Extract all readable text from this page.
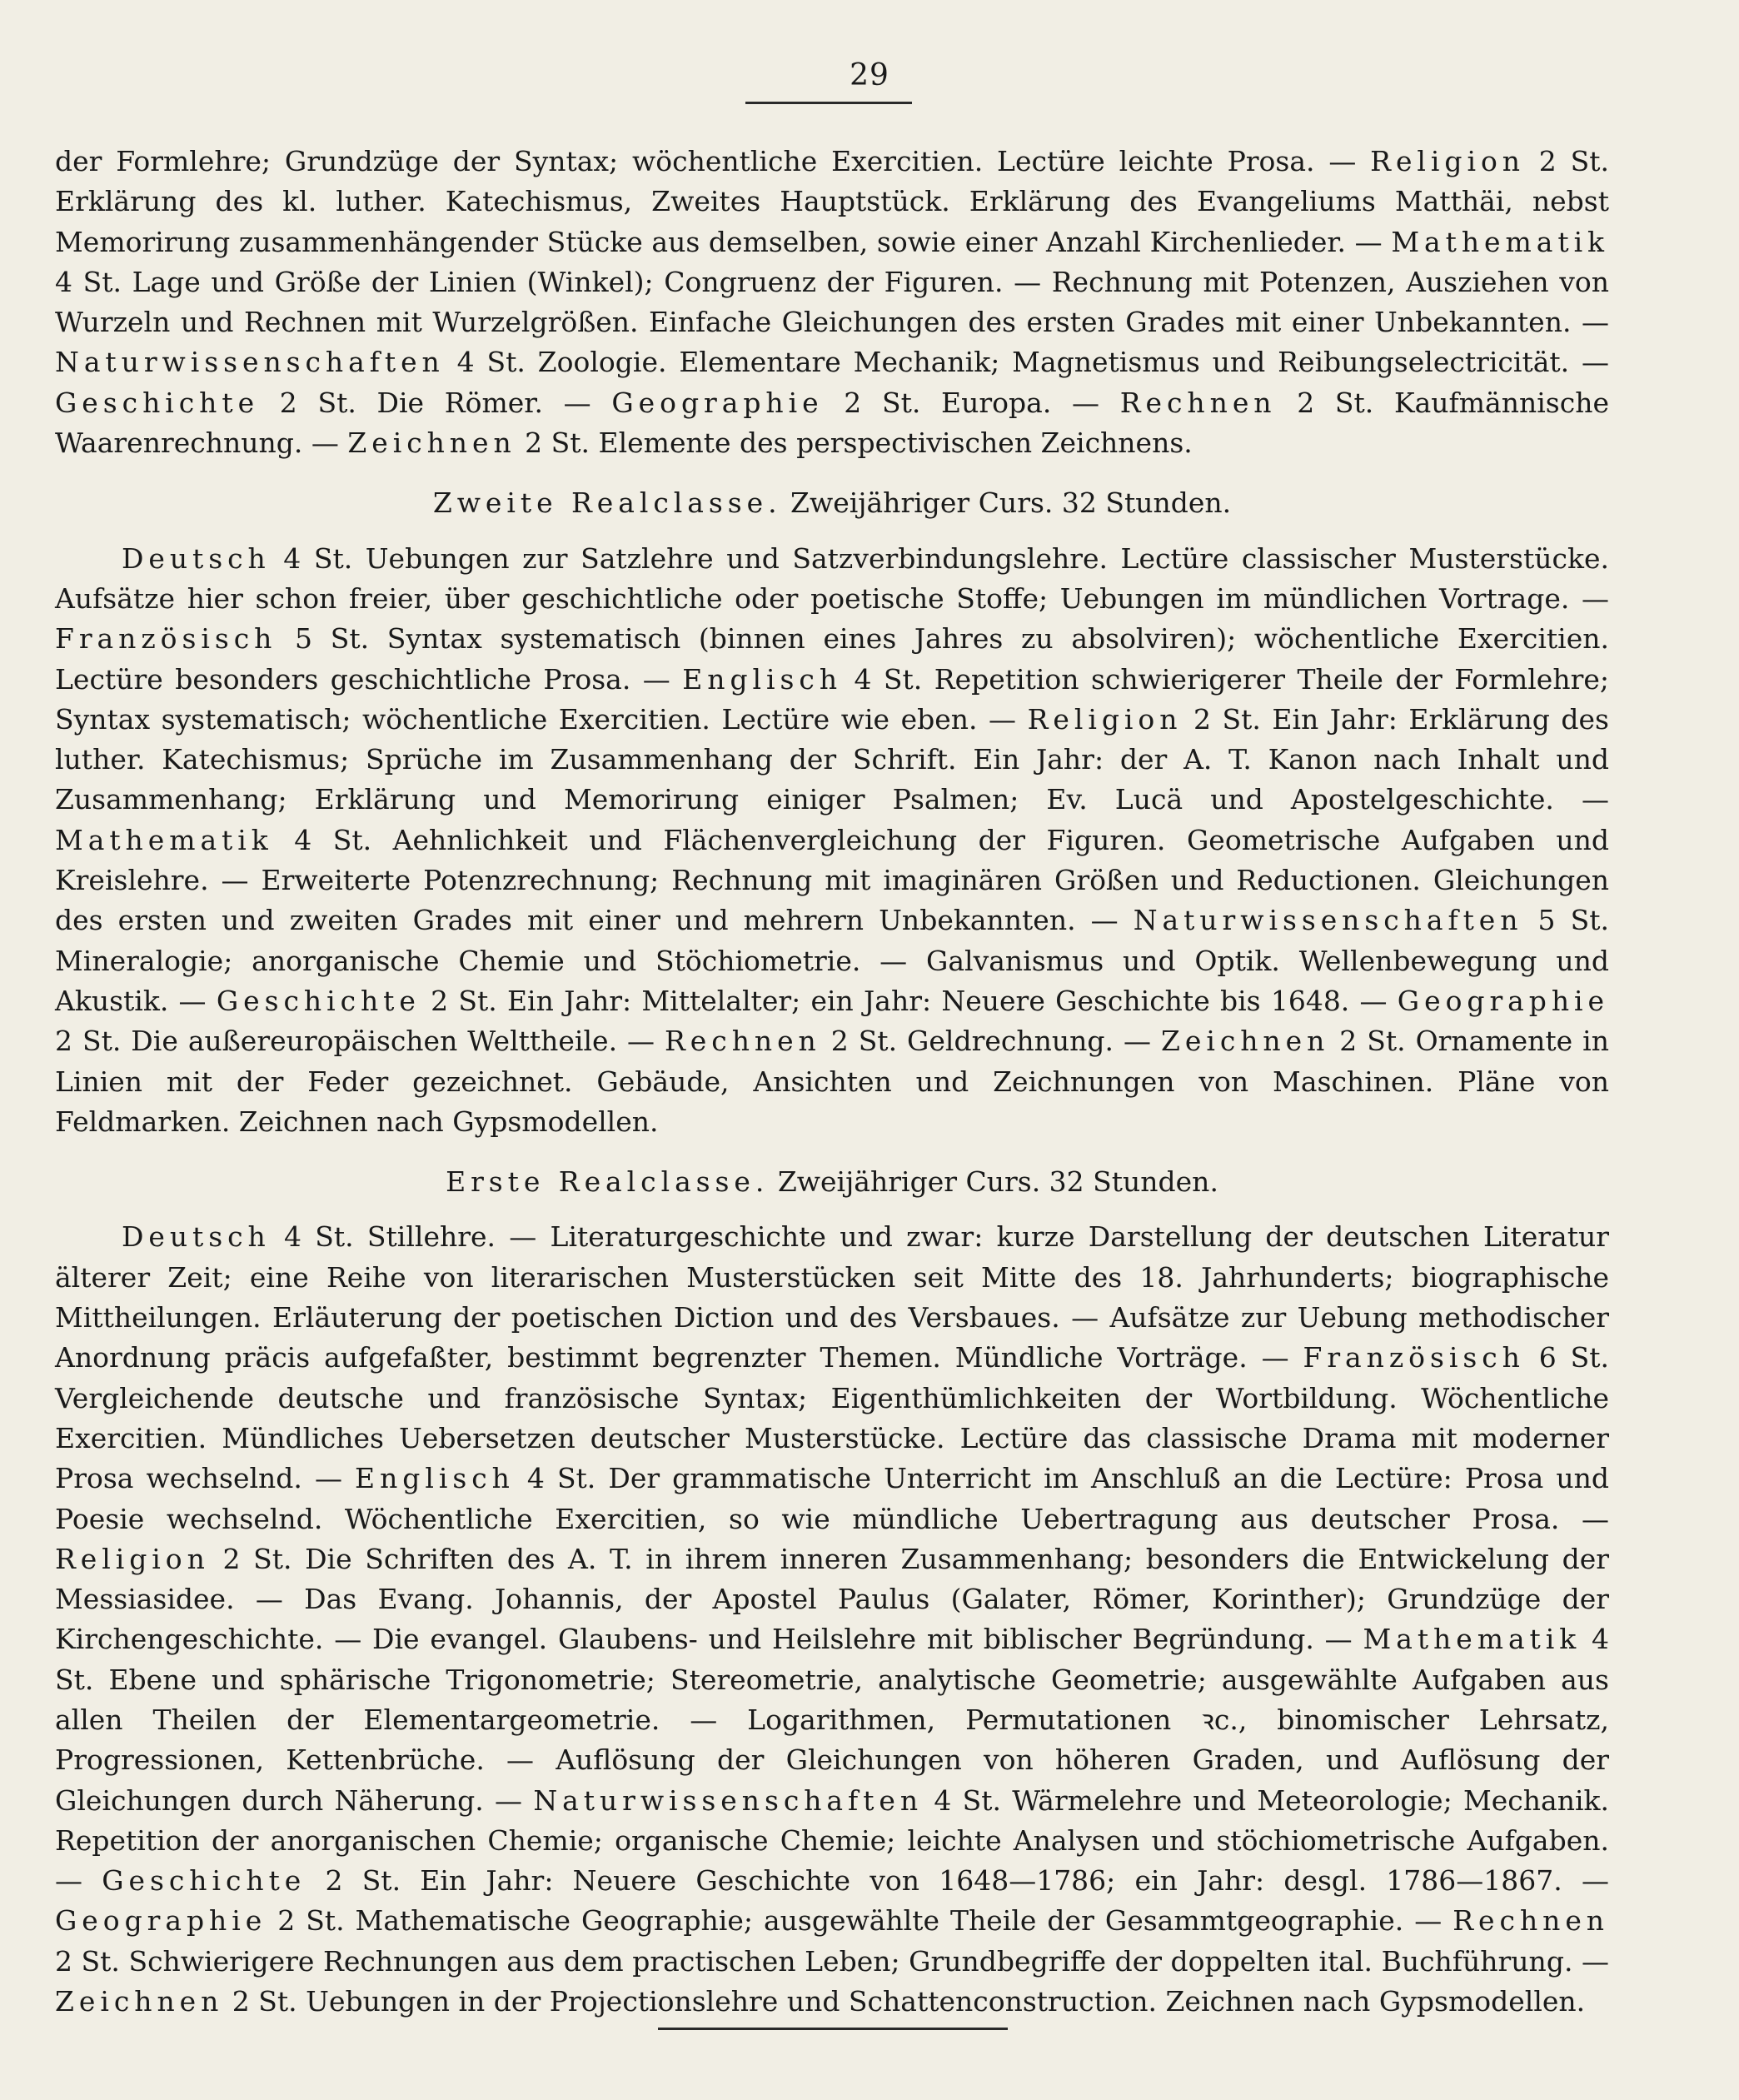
29

der Formlehre; Grundzüge der Syntax; wöchentliche Exercitien. Lectüre leichte Prosa. — Religion 2 St. Erklärung des kl. luther. Katechismus, Zweites Hauptstück. Erklärung des Evangeliums Matthäi, nebst Memorirung zusammenhängender Stücke aus demselben, sowie einer Anzahl Kirchenlieder. — Mathematik 4 St. Lage und Größe der Linien (Winkel); Congruenz der Figuren. — Rechnung mit Potenzen, Ausziehen von Wurzeln und Rechnen mit Wurzelgrößen. Einfache Gleichungen des ersten Grades mit einer Unbekannten. — Naturwissenschaften 4 St. Zoologie. Elementare Mechanik; Magnetismus und Reibungselectricität. — Geschichte 2 St. Die Römer. — Geographie 2 St. Europa. — Rechnen 2 St. Kaufmännische Waarenrechnung. — Zeichnen 2 St. Elemente des perspectivischen Zeichnens.

Zweite Realclasse. Zweijähriger Curs. 32 Stunden.

Deutsch 4 St. Uebungen zur Satzlehre und Satzverbindungslehre. Lectüre classischer Musterstücke. Aufsätze hier schon freier, über geschichtliche oder poetische Stoffe; Uebungen im mündlichen Vortrage. — Französisch 5 St. Syntax systematisch (binnen eines Jahres zu absolviren); wöchentliche Exercitien. Lectüre besonders geschichtliche Prosa. — Englisch 4 St. Repetition schwierigerer Theile der Formlehre; Syntax systematisch; wöchentliche Exercitien. Lectüre wie eben. — Religion 2 St. Ein Jahr: Erklärung des luther. Katechismus; Sprüche im Zusammenhang der Schrift. Ein Jahr: der A. T. Kanon nach Inhalt und Zusammenhang; Erklärung und Memorirung einiger Psalmen; Ev. Lucä und Apostelgeschichte. — Mathematik 4 St. Aehnlichkeit und Flächenvergleichung der Figuren. Geometrische Aufgaben und Kreislehre. — Erweiterte Potenzrechnung; Rechnung mit imaginären Größen und Reductionen. Gleichungen des ersten und zweiten Grades mit einer und mehrern Unbekannten. — Naturwissenschaften 5 St. Mineralogie; anorganische Chemie und Stöchiometrie. — Galvanismus und Optik. Wellenbewegung und Akustik. — Geschichte 2 St. Ein Jahr: Mittelalter; ein Jahr: Neuere Geschichte bis 1648. — Geographie 2 St. Die außereuropäischen Welttheile. — Rechnen 2 St. Geldrechnung. — Zeichnen 2 St. Ornamente in Linien mit der Feder gezeichnet. Gebäude, Ansichten und Zeichnungen von Maschinen. Pläne von Feldmarken. Zeichnen nach Gypsmodellen.

Erste Realclasse. Zweijähriger Curs. 32 Stunden.

Deutsch 4 St. Stillehre. — Literaturgeschichte und zwar: kurze Darstellung der deutschen Literatur älterer Zeit; eine Reihe von literarischen Musterstücken seit Mitte des 18. Jahrhunderts; biographische Mittheilungen. Erläuterung der poetischen Diction und des Versbaues. — Aufsätze zur Uebung methodischer Anordnung präcis aufgefaßter, bestimmt begrenzter Themen. Mündliche Vorträge. — Französisch 6 St. Vergleichende deutsche und französische Syntax; Eigenthümlichkeiten der Wortbildung. Wöchentliche Exercitien. Mündliches Uebersetzen deutscher Musterstücke. Lectüre das classische Drama mit moderner Prosa wechselnd. — Englisch 4 St. Der grammatische Unterricht im Anschluß an die Lectüre: Prosa und Poesie wechselnd. Wöchentliche Exercitien, so wie mündliche Uebertragung aus deutscher Prosa. — Religion 2 St. Die Schriften des A. T. in ihrem inneren Zusammenhang; besonders die Entwickelung der Messiasidee. — Das Evang. Johannis, der Apostel Paulus (Galater, Römer, Korinther); Grundzüge der Kirchengeschichte. — Die evangel. Glaubens- und Heilslehre mit biblischer Begründung. — Mathematik 4 St. Ebene und sphärische Trigonometrie; Stereometrie, analytische Geometrie; ausgewählte Aufgaben aus allen Theilen der Elementargeometrie. — Logarithmen, Permutationen ꝛc., binomischer Lehrsatz, Progressionen, Kettenbrüche. — Auflösung der Gleichungen von höheren Graden, und Auflösung der Gleichungen durch Näherung. — Naturwissenschaften 4 St. Wärmelehre und Meteorologie; Mechanik. Repetition der anorganischen Chemie; organische Chemie; leichte Analysen und stöchiometrische Aufgaben. — Geschichte 2 St. Ein Jahr: Neuere Geschichte von 1648—1786; ein Jahr: desgl. 1786—1867. — Geographie 2 St. Mathematische Geographie; ausgewählte Theile der Gesammtgeographie. — Rechnen 2 St. Schwierigere Rechnungen aus dem practischen Leben; Grundbegriffe der doppelten ital. Buchführung. — Zeichnen 2 St. Uebungen in der Projectionslehre und Schattenconstruction. Zeichnen nach Gypsmodellen.
